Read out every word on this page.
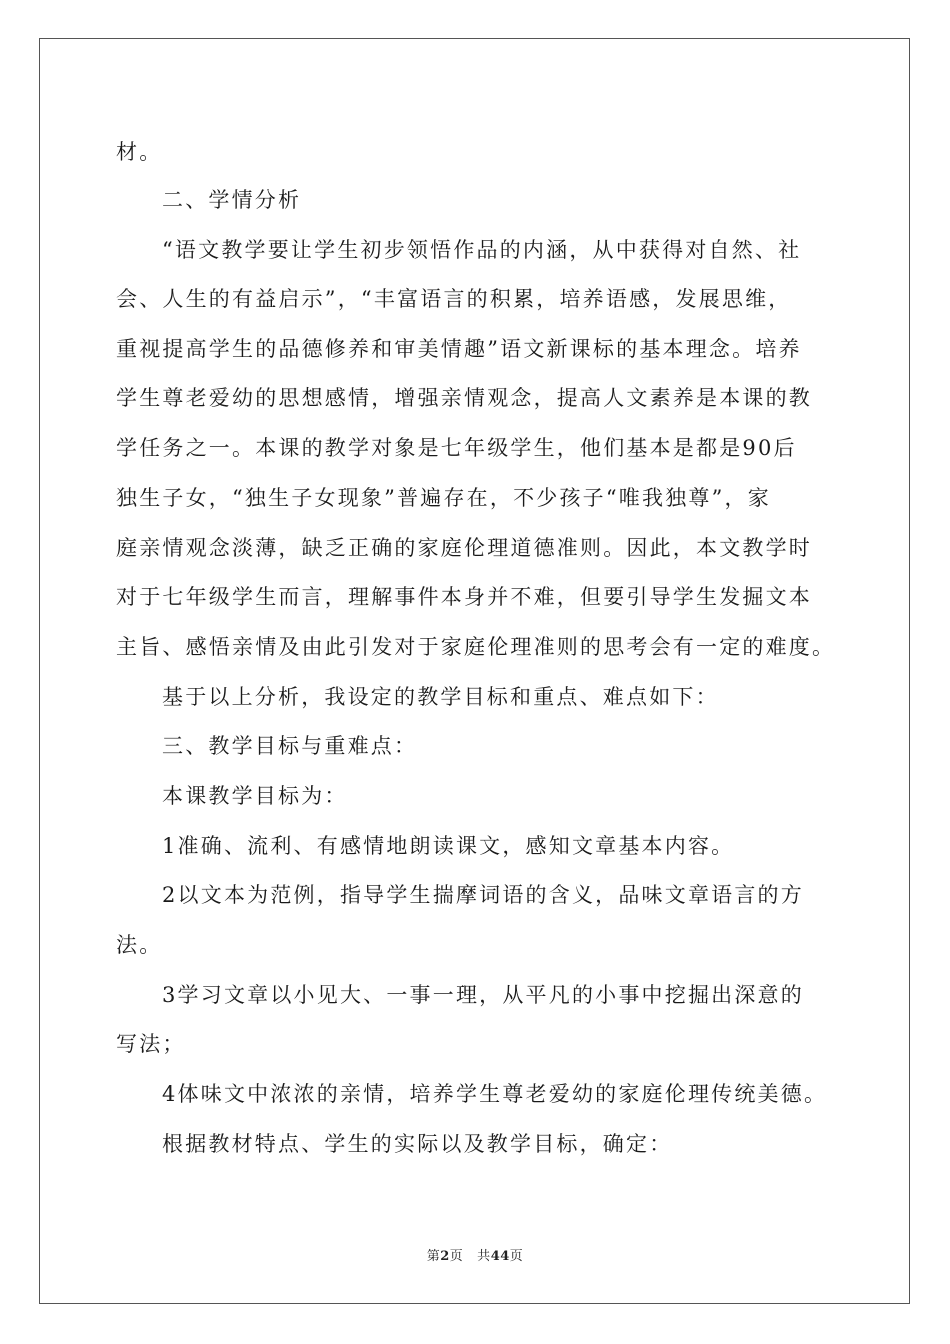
材。
二、学情分析
“语文教学要让学生初步领悟作品的内涵，从中获得对自然、社
会、人生的有益启示”，“丰富语言的积累，培养语感，发展思维，
重视提高学生的品德修养和审美情趣”语文新课标的基本理念。培养
学生尊老爱幼的思想感情，增强亲情观念，提高人文素养是本课的教
学任务之一。本课的教学对象是七年级学生，他们基本是都是90后
独生子女，“独生子女现象”普遍存在，不少孩子“唯我独尊”，家
庭亲情观念淡薄，缺乏正确的家庭伦理道德准则。因此，本文教学时
对于七年级学生而言，理解事件本身并不难，但要引导学生发掘文本
主旨、感悟亲情及由此引发对于家庭伦理准则的思考会有一定的难度。
基于以上分析，我设定的教学目标和重点、难点如下：
三、教学目标与重难点：
本课教学目标为：
1准确、流利、有感情地朗读课文，感知文章基本内容。
2以文本为范例，指导学生揣摩词语的含义，品味文章语言的方
法。
3学习文章以小见大、一事一理，从平凡的小事中挖掘出深意的
写法；
4体味文中浓浓的亲情，培养学生尊老爱幼的家庭伦理传统美德。
根据教材特点、学生的实际以及教学目标，确定：
第2页 共44页
